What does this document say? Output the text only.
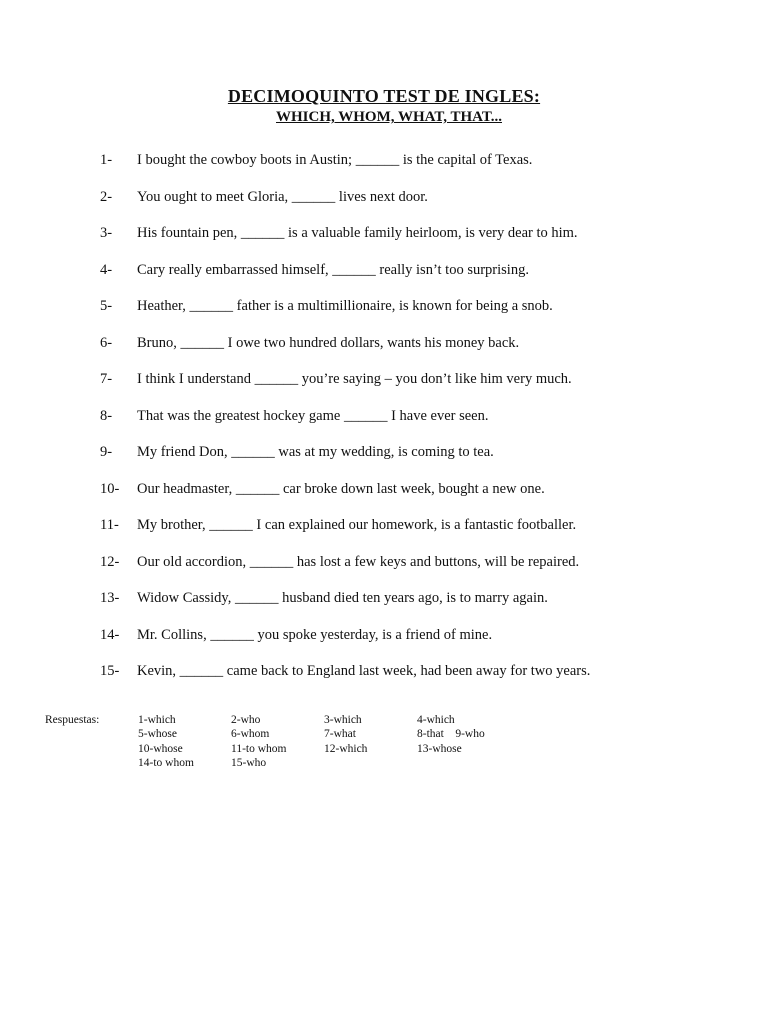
DECIMOQUINTO TEST DE INGLES:
WHICH, WHOM, WHAT, THAT...
1- I bought the cowboy boots in Austin; ______ is the capital of Texas.
2- You ought to meet Gloria, ______ lives next door.
3- His fountain pen, ______ is a valuable family heirloom, is very dear to him.
4- Cary really embarrassed himself, ______ really isn’t too surprising.
5- Heather, ______ father is a multimillionaire, is known for being a snob.
6- Bruno, ______ I owe two hundred dollars, wants his money back.
7- I think I understand ______ you’re saying – you don’t like him very much.
8- That was the greatest hockey game ______ I have ever seen.
9- My friend Don, ______ was at my wedding, is coming to tea.
10- Our headmaster, ______ car broke down last week, bought a new one.
11- My brother, ______ I can explained our homework, is a fantastic footballer.
12- Our old accordion, ______ has lost a few keys and buttons, will be repaired.
13- Widow Cassidy, ______ husband died ten years ago, is to marry again.
14- Mr. Collins, ______ you spoke yesterday, is a friend of mine.
15- Kevin, ______ came back to England last week, had been away for two years.
Respuestas:	1-which	2-who	3-which	4-which
5-whose	6-whom	7-what	8-that    9-who
10-whose	11-to whom	12-which	13-whose
14-to whom	15-who
